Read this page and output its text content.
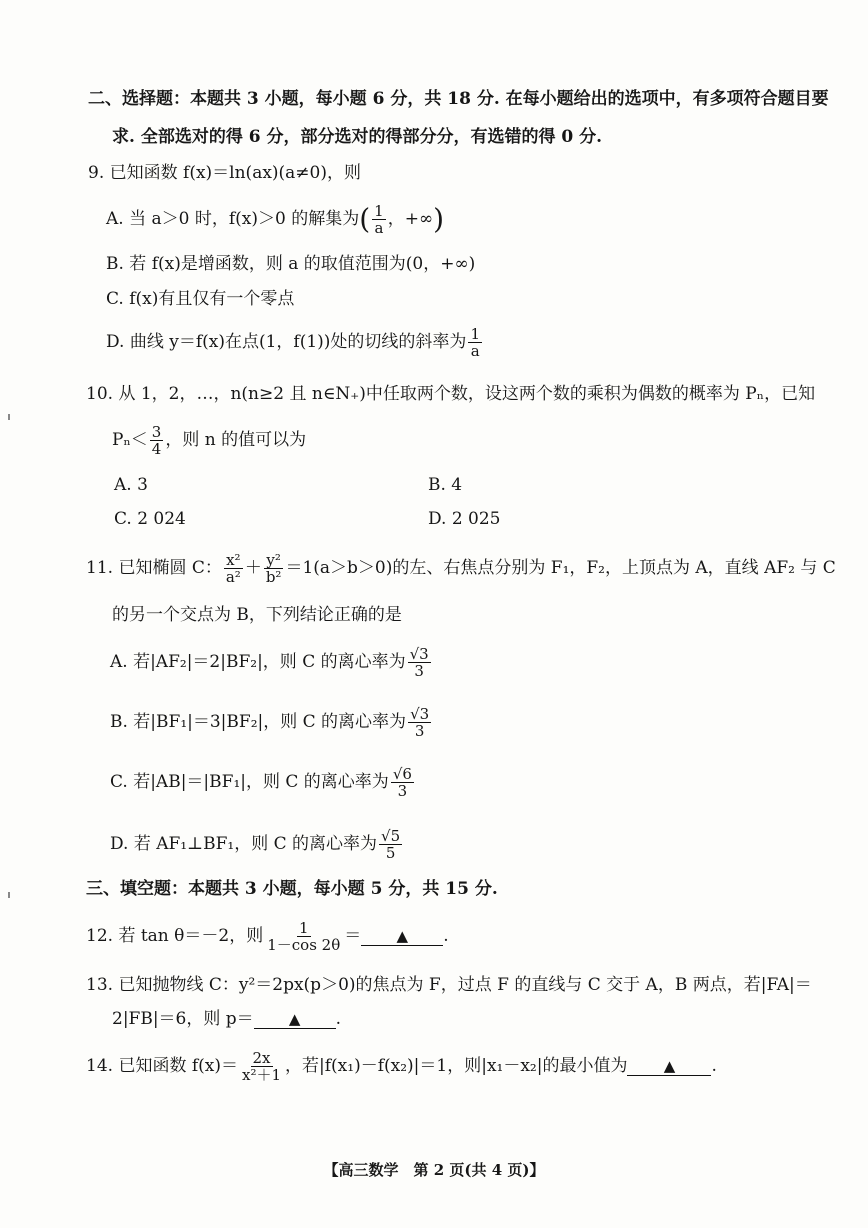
二、选择题：本题共 3 小题，每小题 6 分，共 18 分. 在每小题给出的选项中，有多项符合题目要
求. 全部选对的得 6 分，部分选对的得部分分，有选错的得 0 分.
9. 已知函数 f(x)＝ln(ax)(a≠0)，则
A. 当 a＞0 时，f(x)＞0 的解集为( $\frac{1}{a}$ ，+∞)
B. 若 f(x)是增函数，则 a 的取值范围为(0，+∞)
C. f(x)有且仅有一个零点
D. 曲线 y＝f(x)在点(1，f(1))处的切线的斜率为 $\frac{1}{a}$
10. 从 1，2，…，n(n≥2 且 n∈N₊)中任取两个数，设这两个数的乘积为偶数的概率为 Pₙ，已知
$P_n< \frac{3}{4}$ ，则 n 的值可以为
A. 3	B. 4
C. 2 024	D. 2 025
11. 已知椭圆 C： $\frac{\text{x²}}{\text{a²}} + \frac{\text{y²}}{\text{b²}} =1(a>b>0)$的左、右焦点分别为 F₁，F₂，上顶点为 A，直线 AF₂ 与 C
的另一个交点为 B，下列结论正确的是
A. 若|AF₂|＝2|BF₂|，则 C 的离心率为 $\frac{√3}{3}$
B. 若|BF₁|＝3|BF₂|，则 C 的离心率为 $\frac{√3}{3}$
C. 若|AB|＝|BF₁|，则 C 的离心率为 $\frac{√6}{3}$
D. 若 AF₁⊥BF₁，则 C 的离心率为 $\frac{√5}{5}$
三、填空题：本题共 3 小题，每小题 5 分，共 15 分.
12. 若 tan θ＝－2，则 $\frac{1}{1-\cos 2\theta}$ ＝ ▲ .
13. 已知抛物线 C：y²＝2px(p＞0)的焦点为 F，过点 F 的直线与 C 交于 A，B 两点，若|FA|＝
2|FB|＝6，则 p＝ ▲ .
14. 已知函数 $f(x)= \frac{2x}{\text{x²＋1}}$ ，若|f(x₁)－f(x₂)|＝1，则|x₁－x₂|的最小值为 ▲ .
【高三数学　第 2 页(共 4 页)】
